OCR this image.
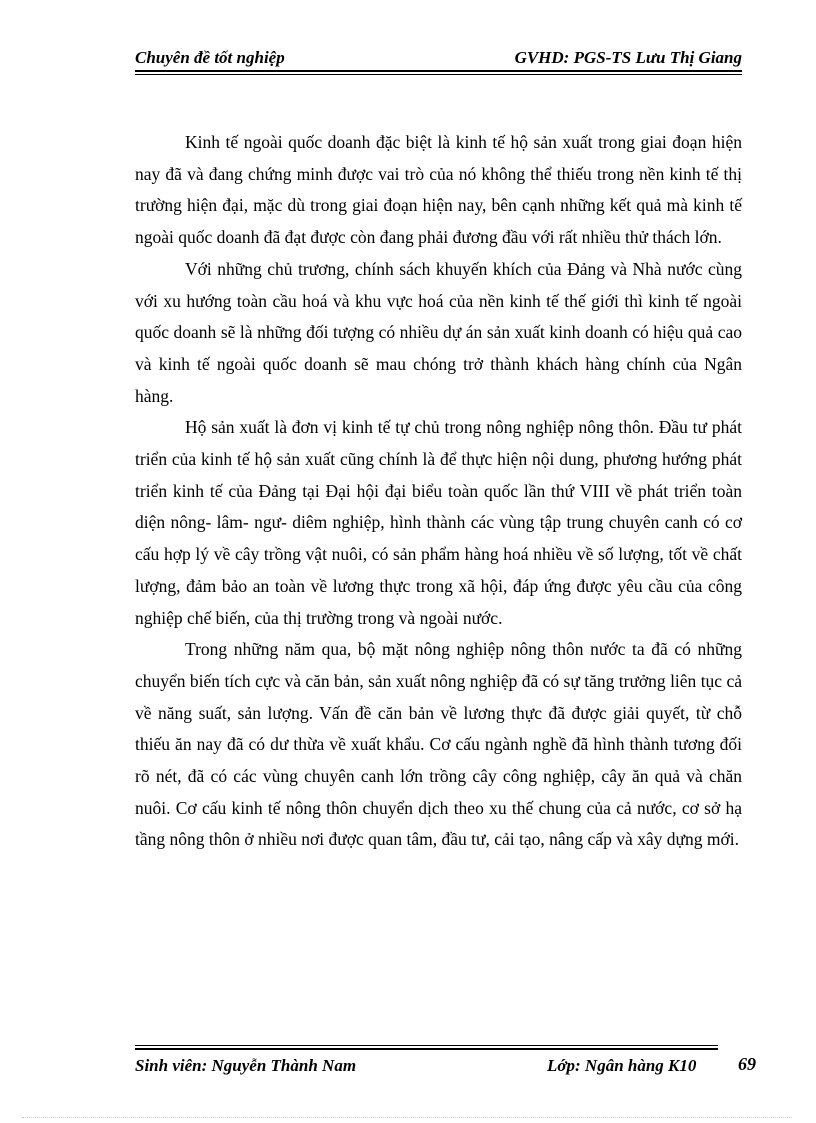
Chuyên đề tốt nghiệp	GVHD: PGS-TS Lưu Thị Giang

Kinh tế ngoài quốc doanh đặc biệt là kinh tế hộ sản xuất trong giai đoạn hiện nay đã và đang chứng minh được vai trò của nó không thể thiếu trong nền kinh tế thị trường hiện đại, mặc dù trong giai đoạn hiện nay, bên cạnh những kết quả mà kinh tế ngoài quốc doanh đã đạt được còn đang phải đương đầu với rất nhiều thử thách lớn.

Với những chủ trương, chính sách khuyến khích của Đảng và Nhà nước cùng với xu hướng toàn cầu hoá và khu vực hoá của nền kinh tế thế giới thì kinh tế ngoài quốc doanh sẽ là những đối tượng có nhiều dự án sản xuất kinh doanh có hiệu quả cao và kinh tế ngoài quốc doanh sẽ mau chóng trở thành khách hàng chính của Ngân hàng.

Hộ sản xuất là đơn vị kinh tế tự chủ trong nông nghiệp nông thôn. Đầu tư phát triển của kinh tế hộ sản xuất cũng chính là để thực hiện nội dung, phương hướng phát triển kinh tế của Đảng tại Đại hội đại biểu toàn quốc lần thứ VIII về phát triển toàn diện nông- lâm- ngư- diêm nghiệp, hình thành các vùng tập trung chuyên canh có cơ cấu hợp lý về cây trồng vật nuôi, có sản phẩm hàng hoá nhiều về số lượng, tốt về chất lượng, đảm bảo an toàn về lương thực trong xã hội, đáp ứng được yêu cầu của công nghiệp chế biến, của thị trường trong và ngoài nước.

Trong những năm qua, bộ mặt nông nghiệp nông thôn nước ta đã có những chuyển biến tích cực và căn bản, sản xuất nông nghiệp đã có sự tăng trưởng liên tục cả về năng suất, sản lượng. Vấn đề căn bản về lương thực đã được giải quyết, từ chỗ thiếu ăn nay đã có dư thừa về xuất khẩu. Cơ cấu ngành nghề đã hình thành tương đối rõ nét, đã có các vùng chuyên canh lớn trồng cây công nghiệp, cây ăn quả và chăn nuôi. Cơ cấu kinh tế nông thôn chuyển dịch theo xu thế chung của cả nước, cơ sở hạ tầng nông thôn ở nhiều nơi được quan tâm, đầu tư, cải tạo, nâng cấp và xây dựng mới.

Sinh viên: Nguyễn Thành Nam	Lớp: Ngân hàng K10 69
